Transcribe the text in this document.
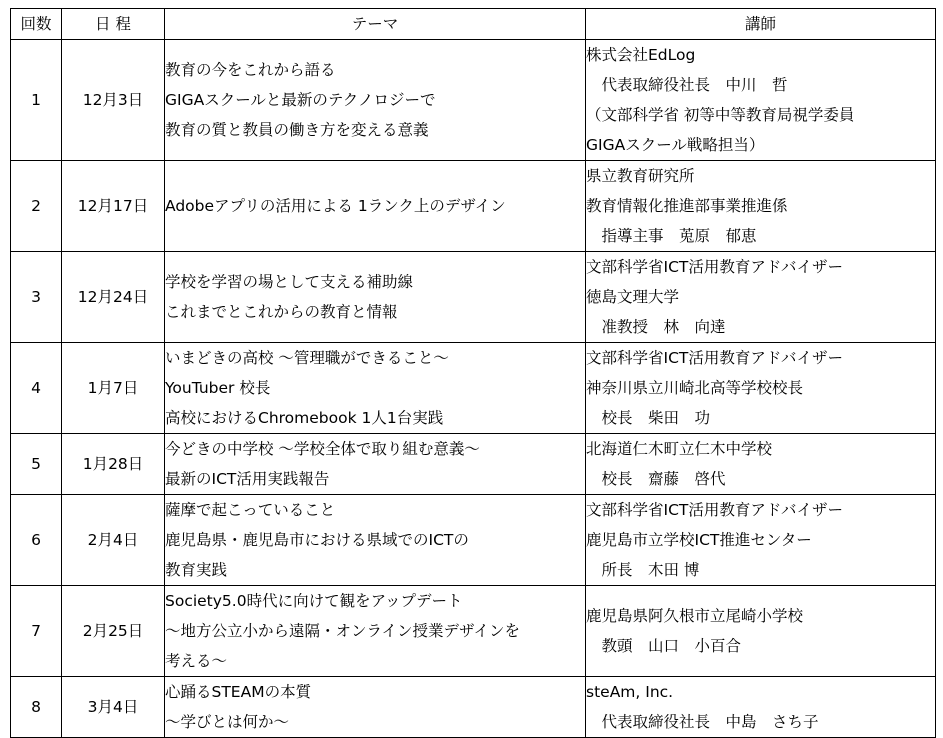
回数	日 程	テーマ	講師
1	12月3日	教育の今をこれから語る
GIGAスクールと最新のテクノロジーで
教育の質と教員の働き方を変える意義	株式会社EdLog
　代表取締役社長　中川　哲
（文部科学省 初等中等教育局視学委員
GIGAスクール戦略担当）

2	12月17日	Adobeアプリの活用による 1ランク上のデザイン	県立教育研究所
教育情報化推進部事業推進係
　指導主事　莵原　郁恵

3	12月24日	学校を学習の場として支える補助線
これまでとこれからの教育と情報	文部科学省ICT活用教育アドバイザー
徳島文理大学
　准教授　林　向達

4	1月7日	いまどきの高校 ～管理職ができること～
YouTuber 校長
高校におけるChromebook 1人1台実践	文部科学省ICT活用教育アドバイザー
神奈川県立川崎北高等学校校長
　校長　柴田　功

5	1月28日	今どきの中学校 ～学校全体で取り組む意義～
最新のICT活用実践報告	北海道仁木町立仁木中学校
　校長　齋藤　啓代

6	2月4日	薩摩で起こっていること
鹿児島県・鹿児島市における県域でのICTの
教育実践	文部科学省ICT活用教育アドバイザー
鹿児島市立学校ICT推進センター
　所長　木田 博

7	2月25日	Society5.0時代に向けて観をアップデート
～地方公立小から遠隔・オンライン授業デザインを
考える～	鹿児島県阿久根市立尾崎小学校
　教頭　山口　小百合

8	3月4日	心踊るSTEAMの本質
～学びとは何か～	steAm, Inc.
　代表取締役社長　中島　さち子
